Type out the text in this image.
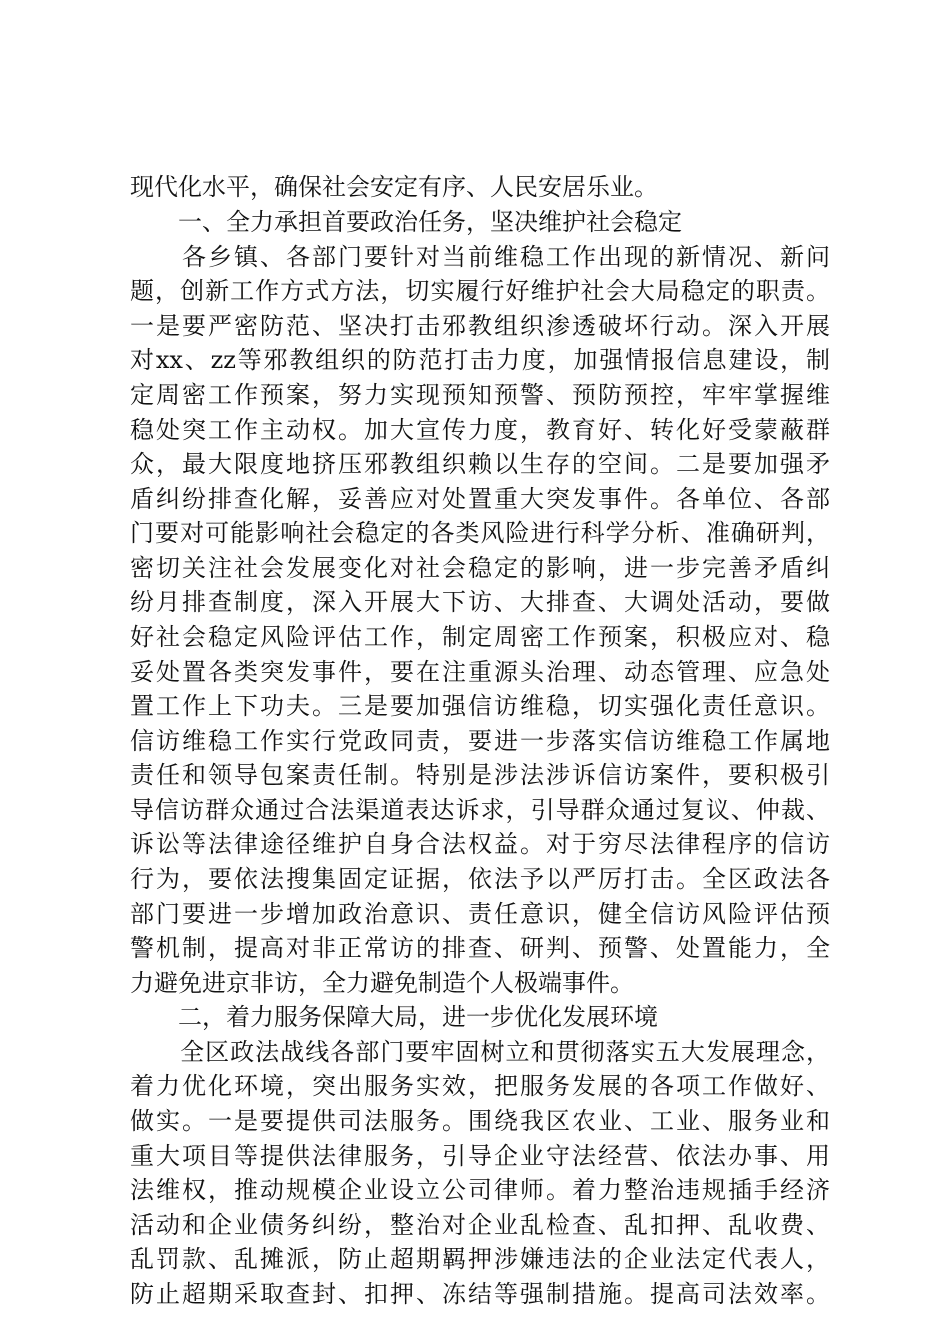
现代化水平，确保社会安定有序、人民安居乐业。
　　一、全力承担首要政治任务，坚决维护社会稳定
　　各乡镇、各部门要针对当前维稳工作出现的新情况、新问
题，创新工作方式方法，切实履行好维护社会大局稳定的职责。
一是要严密防范、坚决打击邪教组织渗透破坏行动。深入开展
对xx、zz等邪教组织的防范打击力度，加强情报信息建设，制
定周密工作预案，努力实现预知预警、预防预控，牢牢掌握维
稳处突工作主动权。加大宣传力度，教育好、转化好受蒙蔽群
众，最大限度地挤压邪教组织赖以生存的空间。二是要加强矛
盾纠纷排查化解，妥善应对处置重大突发事件。各单位、各部
门要对可能影响社会稳定的各类风险进行科学分析、准确研判，
密切关注社会发展变化对社会稳定的影响，进一步完善矛盾纠
纷月排查制度，深入开展大下访、大排查、大调处活动，要做
好社会稳定风险评估工作，制定周密工作预案，积极应对、稳
妥处置各类突发事件，要在注重源头治理、动态管理、应急处
置工作上下功夫。三是要加强信访维稳，切实强化责任意识。
信访维稳工作实行党政同责，要进一步落实信访维稳工作属地
责任和领导包案责任制。特别是涉法涉诉信访案件，要积极引
导信访群众通过合法渠道表达诉求，引导群众通过复议、仲裁、
诉讼等法律途径维护自身合法权益。对于穷尽法律程序的信访
行为，要依法搜集固定证据，依法予以严厉打击。全区政法各
部门要进一步增加政治意识、责任意识，健全信访风险评估预
警机制，提高对非正常访的排查、研判、预警、处置能力，全
力避免进京非访，全力避免制造个人极端事件。
　　二，着力服务保障大局，进一步优化发展环境
　　全区政法战线各部门要牢固树立和贯彻落实五大发展理念，
着力优化环境，突出服务实效，把服务发展的各项工作做好、
做实。一是要提供司法服务。围绕我区农业、工业、服务业和
重大项目等提供法律服务，引导企业守法经营、依法办事、用
法维权，推动规模企业设立公司律师。着力整治违规插手经济
活动和企业债务纠纷，整治对企业乱检查、乱扣押、乱收费、
乱罚款、乱摊派，防止超期羁押涉嫌违法的企业法定代表人，
防止超期采取查封、扣押、冻结等强制措施。提高司法效率。
